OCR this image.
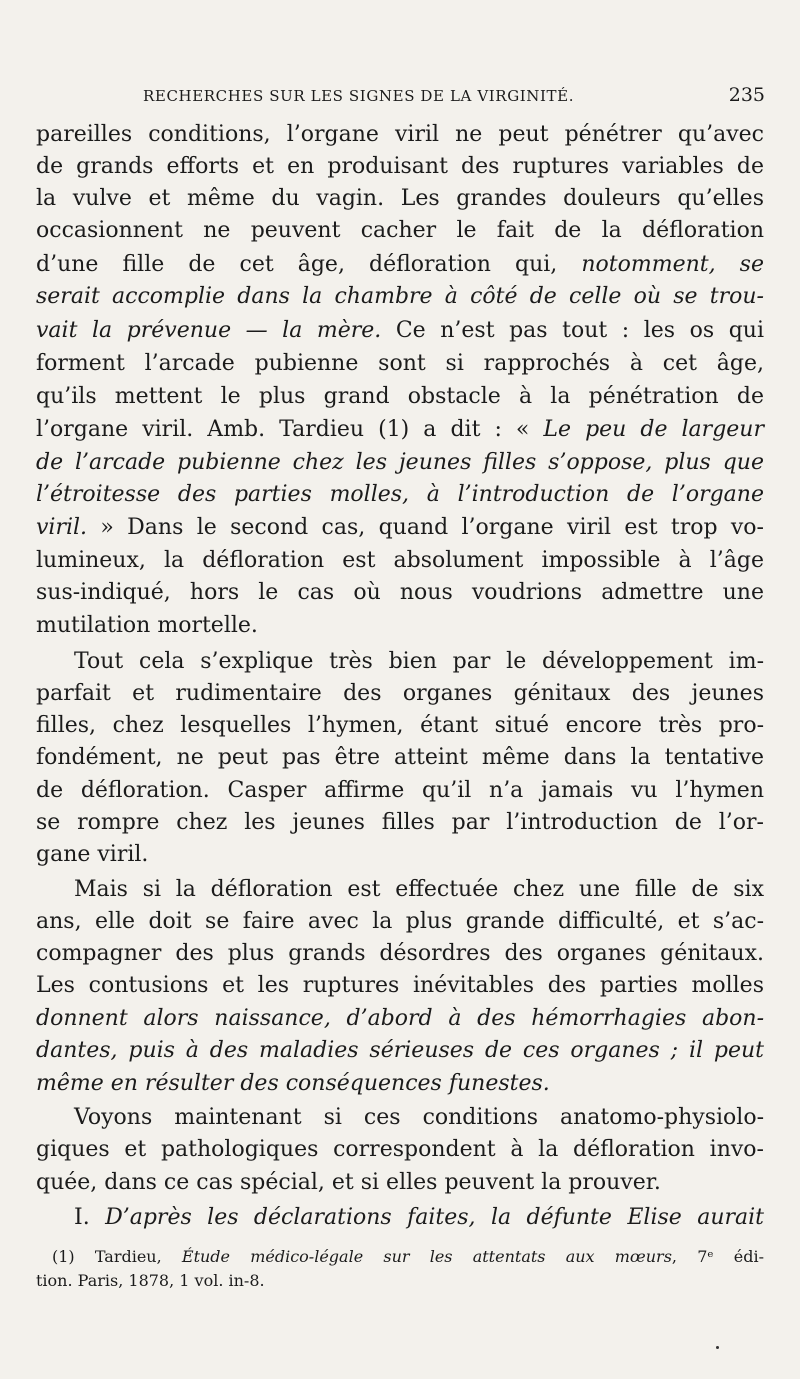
RECHERCHES SUR LES SIGNES DE LA VIRGINITÉ.	235
pareilles conditions, l’organe viril ne peut pénétrer qu’avec
de grands efforts et en produisant des ruptures variables de
la vulve et même du vagin. Les grandes douleurs qu’elles
occasionnent ne peuvent cacher le fait de la défloration
d’une fille de cet âge, défloration qui, notomment, se
serait accomplie dans la chambre à côté de celle où se trou-
vait la prévenue — la mère. Ce n’est pas tout : les os qui
forment l’arcade pubienne sont si rapprochés à cet âge,
qu’ils mettent le plus grand obstacle à la pénétration de
l’organe viril. Amb. Tardieu (1) a dit : « Le peu de largeur
de l’arcade pubienne chez les jeunes filles s’oppose, plus que
l’étroitesse des parties molles, à l’introduction de l’organe
viril. » Dans le second cas, quand l’organe viril est trop vo-
lumineux, la défloration est absolument impossible à l’âge
sus-indiqué, hors le cas où nous voudrions admettre une
mutilation mortelle.
Tout cela s’explique très bien par le développement im-
parfait et rudimentaire des organes génitaux des jeunes
filles, chez lesquelles l’hymen, étant situé encore très pro-
fondément, ne peut pas être atteint même dans la tentative
de défloration. Casper affirme qu’il n’a jamais vu l’hymen
se rompre chez les jeunes filles par l’introduction de l’or-
gane viril.
Mais si la défloration est effectuée chez une fille de six
ans, elle doit se faire avec la plus grande difficulté, et s’ac-
compagner des plus grands désordres des organes génitaux.
Les contusions et les ruptures inévitables des parties molles
donnent alors naissance, d’abord à des hémorrhagies abon-
dantes, puis à des maladies sérieuses de ces organes ; il peut
même en résulter des conséquences funestes.
Voyons maintenant si ces conditions anatomo-physiolo-
giques et pathologiques correspondent à la défloration invo-
quée, dans ce cas spécial, et si elles peuvent la prouver.
I. D’après les déclarations faites, la défunte Elise aurait
(1) Tardieu, Étude médico-légale sur les attentats aux mœurs, 7ᵉ édi-
tion. Paris, 1878, 1 vol. in-8.
